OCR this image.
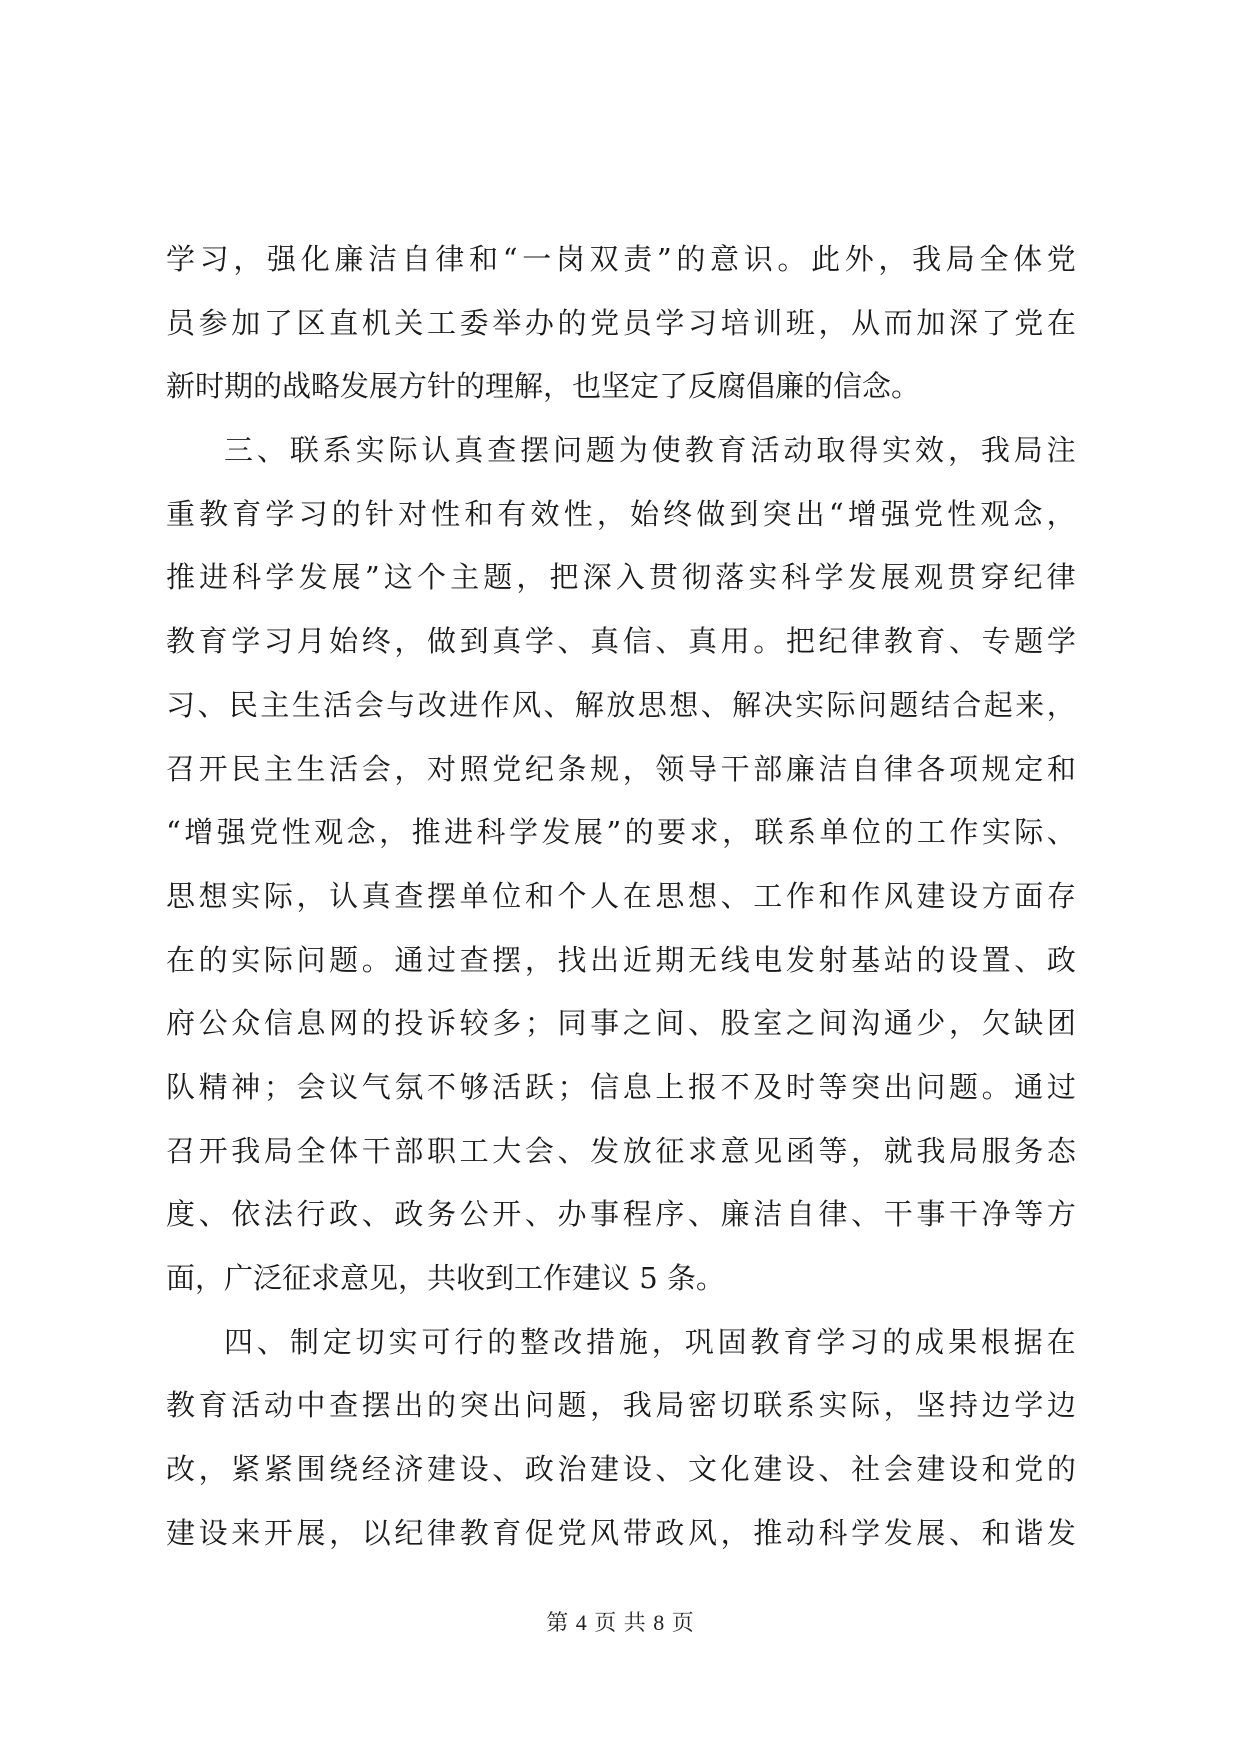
学 习 ， 强 化 廉 洁 自 律 和 “ 一 岗 双 责 ” 的 意 识 。 此 外 ， 我 局 全 体 党
员 参 加 了 区 直 机 关 工 委 举 办 的 党 员 学 习 培 训 班 ， 从 而 加 深 了 党 在
新时期的战略发展方针的理解，也坚定了反腐倡廉的信念。
三 、 联 系 实 际 认 真 查 摆 问 题 为 使 教 育 活 动 取 得 实 效 ， 我 局 注
重 教 育 学 习 的 针 对 性 和 有 效 性 ， 始 终 做 到 突 出 “ 增 强 党 性 观 念 ，
推 进 科 学 发 展 ” 这 个 主 题 ， 把 深 入 贯 彻 落 实 科 学 发 展 观 贯 穿 纪 律
教 育 学 习 月 始 终 ， 做 到 真 学 、 真 信 、 真 用 。 把 纪 律 教 育 、 专 题 学
习 、 民 主 生 活 会 与 改 进 作 风 、 解 放 思 想 、 解 决 实 际 问 题 结 合 起 来 ，
召 开 民 主 生 活 会 ， 对 照 党 纪 条 规 ， 领 导 干 部 廉 洁 自 律 各 项 规 定 和
“ 增 强 党 性 观 念 ， 推 进 科 学 发 展 ” 的 要 求 ， 联 系 单 位 的 工 作 实 际 、
思 想 实 际 ， 认 真 查 摆 单 位 和 个 人 在 思 想 、 工 作 和 作 风 建 设 方 面 存
在 的 实 际 问 题 。 通 过 查 摆 ， 找 出 近 期 无 线 电 发 射 基 站 的 设 置 、 政
府 公 众 信 息 网 的 投 诉 较 多 ； 同 事 之 间 、 股 室 之 间 沟 通 少 ， 欠 缺 团
队 精 神 ； 会 议 气 氛 不 够 活 跃 ； 信 息 上 报 不 及 时 等 突 出 问 题 。 通 过
召 开 我 局 全 体 干 部 职 工 大 会 、 发 放 征 求 意 见 函 等 ， 就 我 局 服 务 态
度 、 依 法 行 政 、 政 务 公 开 、 办 事 程 序 、 廉 洁 自 律 、 干 事 干 净 等 方
面，广泛征求意见，共收到工作建议 5 条。
四 、 制 定 切 实 可 行 的 整 改 措 施 ， 巩 固 教 育 学 习 的 成 果 根 据 在
教 育 活 动 中 查 摆 出 的 突 出 问 题 ， 我 局 密 切 联 系 实 际 ， 坚 持 边 学 边
改 ， 紧 紧 围 绕 经 济 建 设 、 政 治 建 设 、 文 化 建 设 、 社 会 建 设 和 党 的
建 设 来 开 展 ， 以 纪 律 教 育 促 党 风 带 政 风 ， 推 动 科 学 发 展 、 和 谐 发
第 4 页 共 8 页
